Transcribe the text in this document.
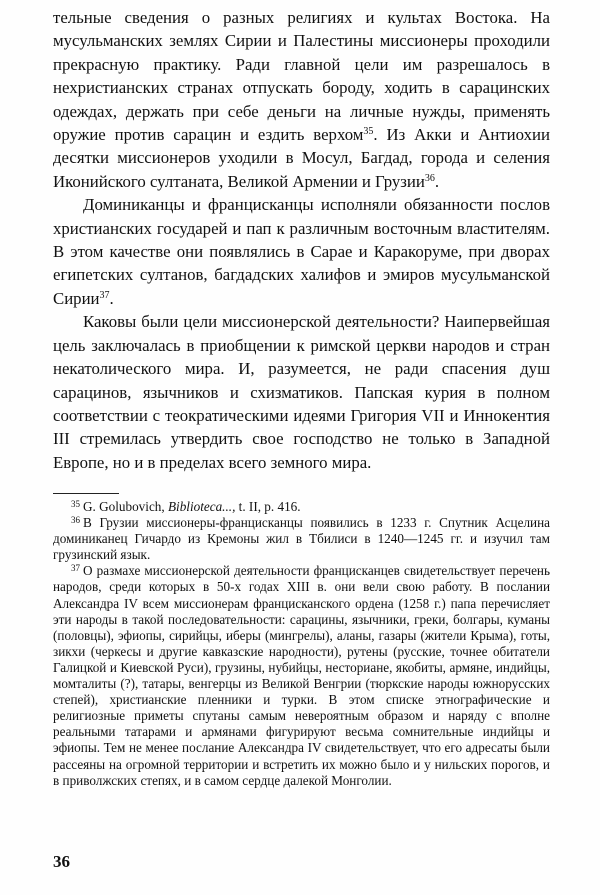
тельные сведения о разных религиях и культах Востока. На мусульманских землях Сирии и Палестины миссионеры проходили прекрасную практику. Ради главной цели им разрешалось в нехристианских странах отпускать бороду, ходить в сарацинских одеждах, держать при себе деньги на личные нужды, применять оружие против сарацин и ездить верхом$^{35}$. Из Акки и Антиохии десятки миссионеров уходили в Мосул, Багдад, города и селения Иконийского султаната, Великой Армении и Грузии$^{36}$.

Доминиканцы и францисканцы исполняли обязанности послов христианских государей и пап к различным восточным властителям. В этом качестве они появлялись в Сарае и Каракоруме, при дворах египетских султанов, багдадских халифов и эмиров мусульманской Сирии$^{37}$.

Каковы были цели миссионерской деятельности? Наипервейшая цель заключалась в приобщении к римской церкви народов и стран некатолического мира. И, разумеется, не ради спасения душ сарацинов, язычников и схизматиков. Папская курия в полном соответствии с теократическими идеями Григория VII и Иннокентия III стремилась утвердить свое господство не только в Западной Европе, но и в пределах всего земного мира.

$^{35}$ G. Golubovich, Biblioteca..., t. II, p. 416.

$^{36}$ В Грузии миссионеры-францисканцы появились в 1233 г. Спутник Асцелина доминиканец Гичардо из Кремоны жил в Тбилиси в 1240—1245 гг. и изучил там грузинский язык.

$^{37}$ О размахе миссионерской деятельности францисканцев свидетельствует перечень народов, среди которых в 50-х годах XIII в. они вели свою работу. В послании Александра IV всем миссионерам францисканского ордена (1258 г.) папа перечисляет эти народы в такой последовательности: сарацины, язычники, греки, болгары, куманы (половцы), эфиопы, сирийцы, иберы (мингрелы), аланы, газары (жители Крыма), готы, зикхи (черкесы и другие кавказские народности), рутены (русские, точнее обитатели Галицкой и Киевской Руси), грузины, нубийцы, несториане, якобиты, армяне, индийцы, момталиты (?), татары, венгерцы из Великой Венгрии (тюркские народы южнорусских степей), христианские пленники и турки. В этом списке этнографические и религиозные приметы спутаны самым невероятным образом и наряду с вполне реальными татарами и армянами фигурируют весьма сомнительные индийцы и эфиопы. Тем не менее послание Александра IV свидетельствует, что его адресаты были рассеяны на огромной территории и встретить их можно было и у нильских порогов, и в приволжских степях, и в самом сердце далекой Монголии.

36
